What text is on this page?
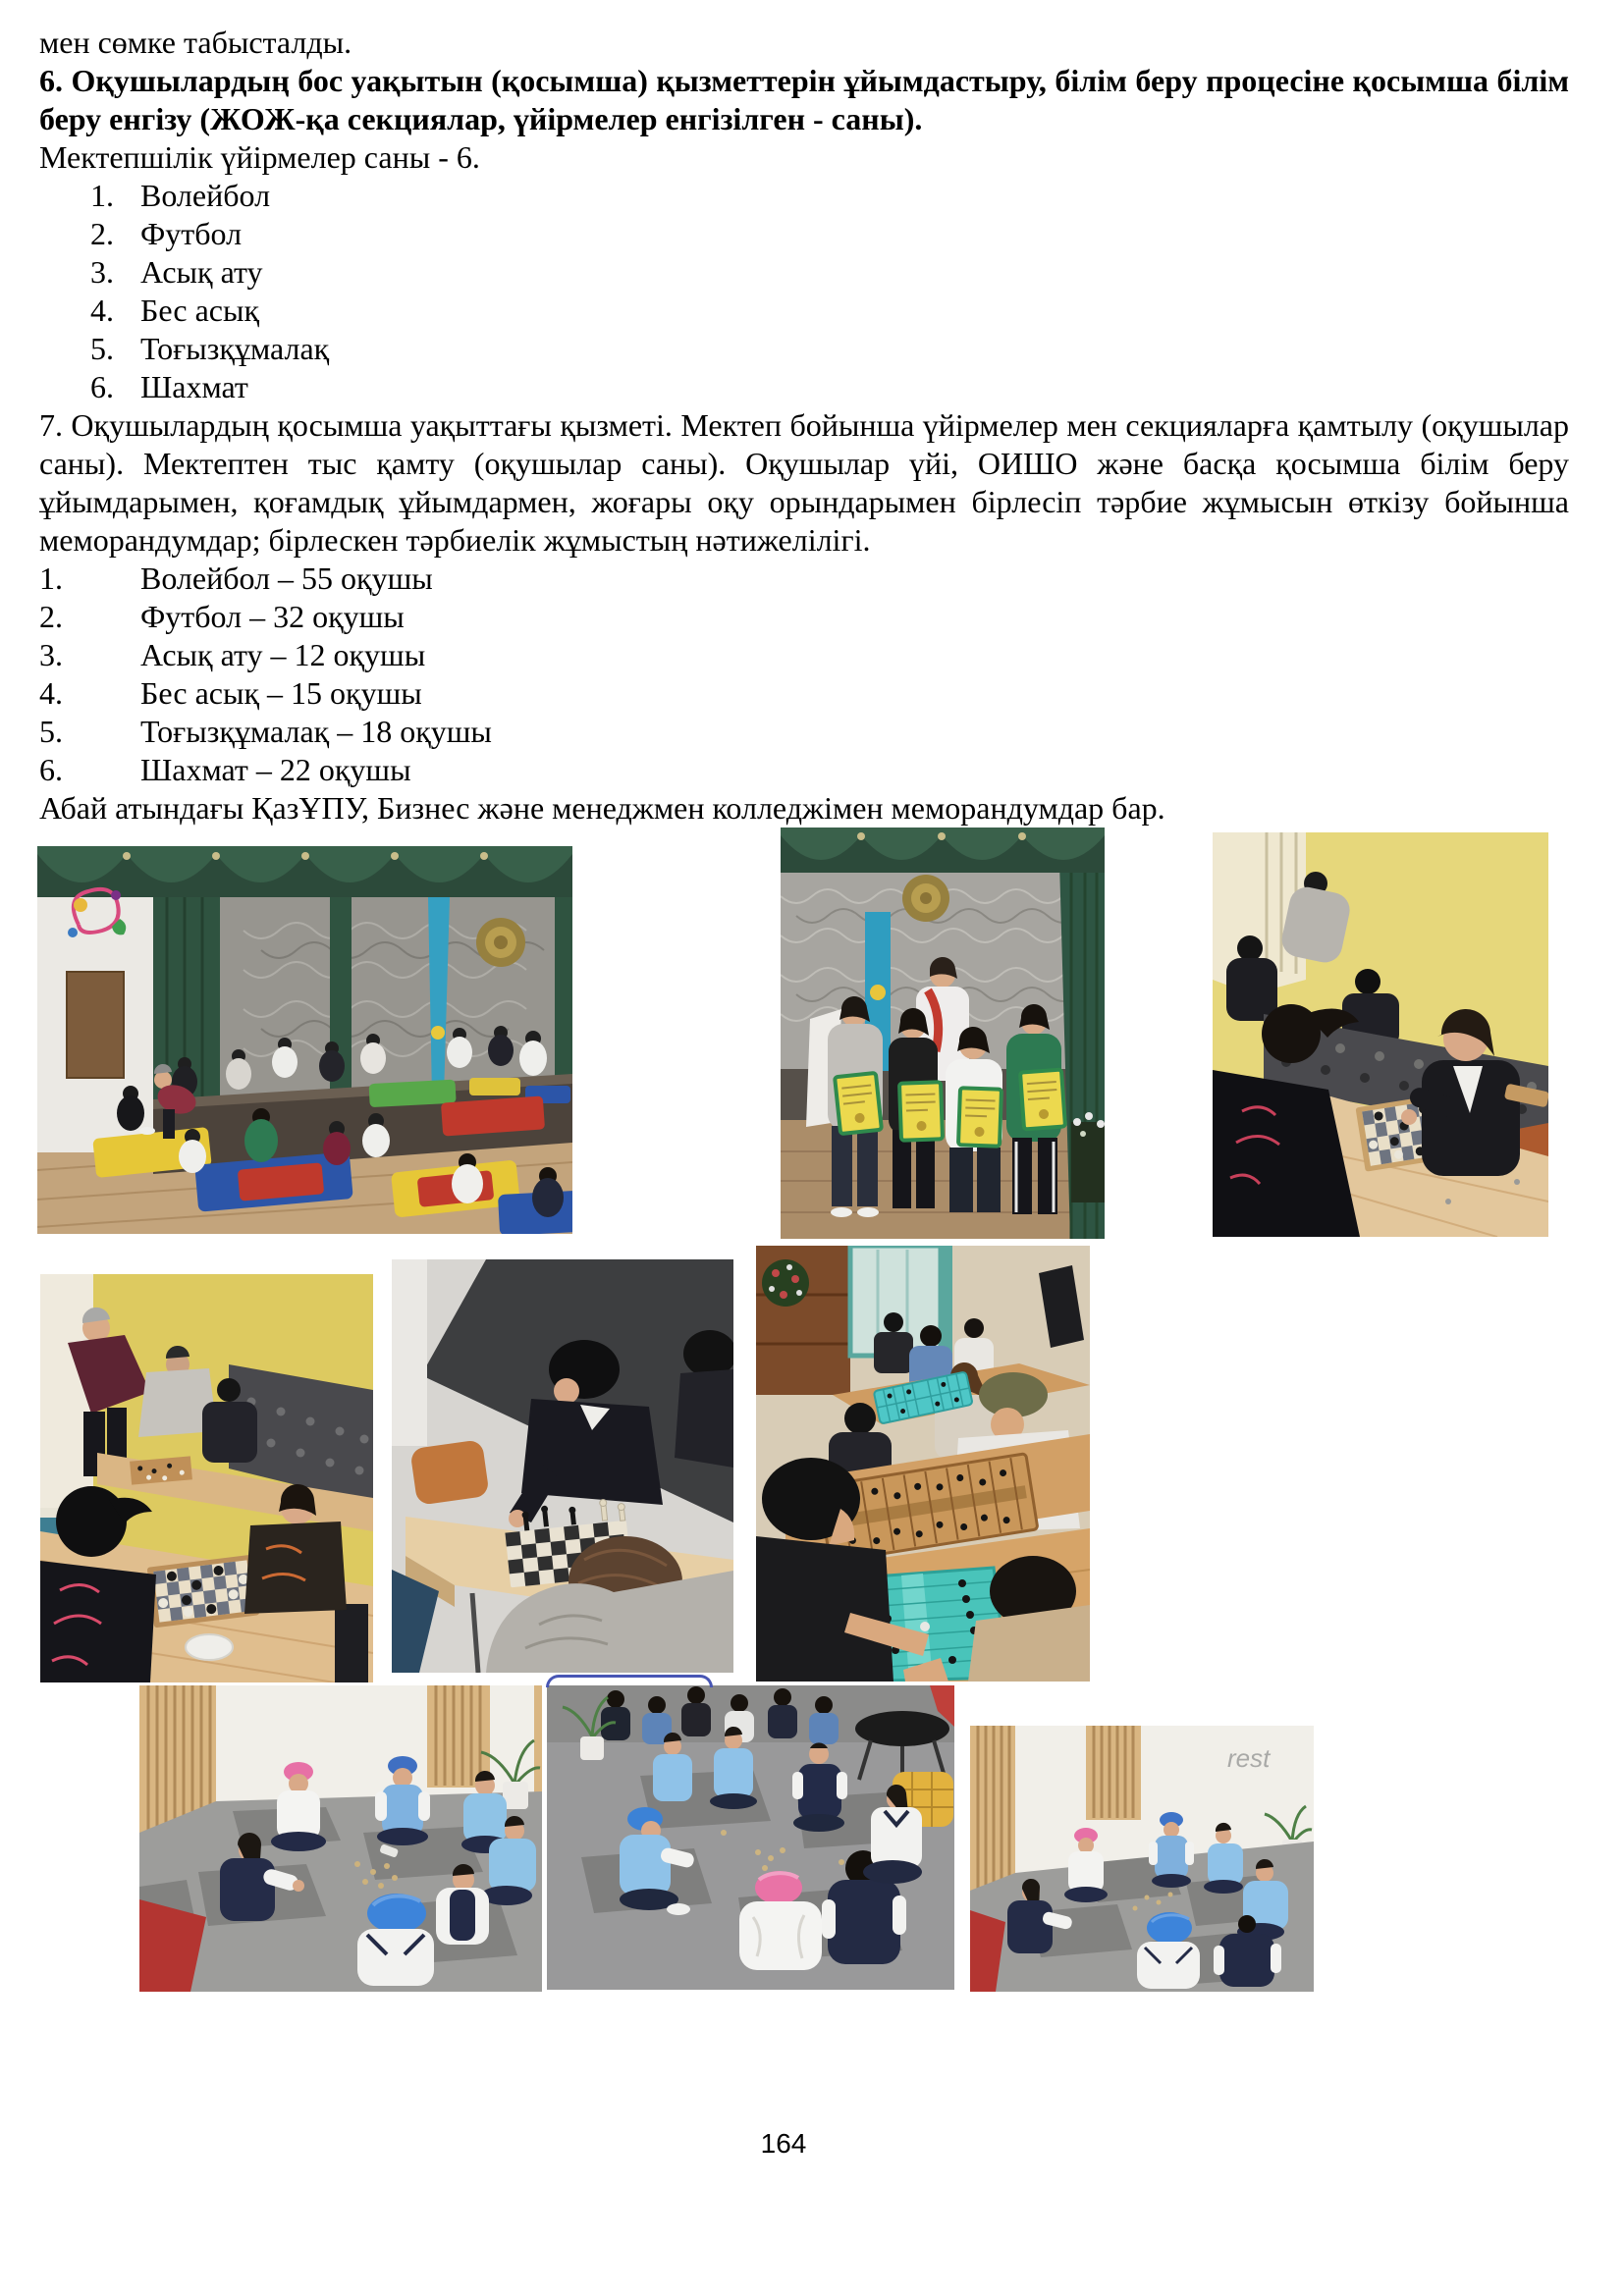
мен сөмке табысталды.

6. Оқушылардың бос уақытын (қосымша) қызметтерін ұйымдастыру, білім беру процесіне қосымша білім беру енгізу (ЖОЖ-қа секциялар, үйірмелер енгізілген - саны).

Мектепшілік үйірмелер саны - 6.

1. Волейбол
2. Футбол
3. Асық ату
4. Бес асық
5. Тоғызқұмалақ
6. Шахмат

7. Оқушылардың қосымша уақыттағы қызметі. Мектеп бойынша үйірмелер мен секцияларға қамтылу (оқушылар саны). Мектептен тыс қамту (оқушылар саны). Оқушылар үйі, ОИШО және басқа қосымша білім беру ұйымдарымен, қоғамдық ұйымдармен, жоғары оқу орындарымен бірлесіп тәрбие жұмысын өткізу бойынша меморандумдар; бірлескен тәрбиелік жұмыстың нәтижелілігі.

1.	Волейбол – 55 оқушы
2.	Футбол – 32 оқушы
3.	Асық ату – 12 оқушы
4.	Бес асық – 15 оқушы
5.	Тоғызқұмалақ – 18 оқушы
6.	Шахмат – 22 оқушы

Абай атындағы ҚазҰПУ, Бизнес және менеджмен колледжімен меморандумдар бар.

rest
164
